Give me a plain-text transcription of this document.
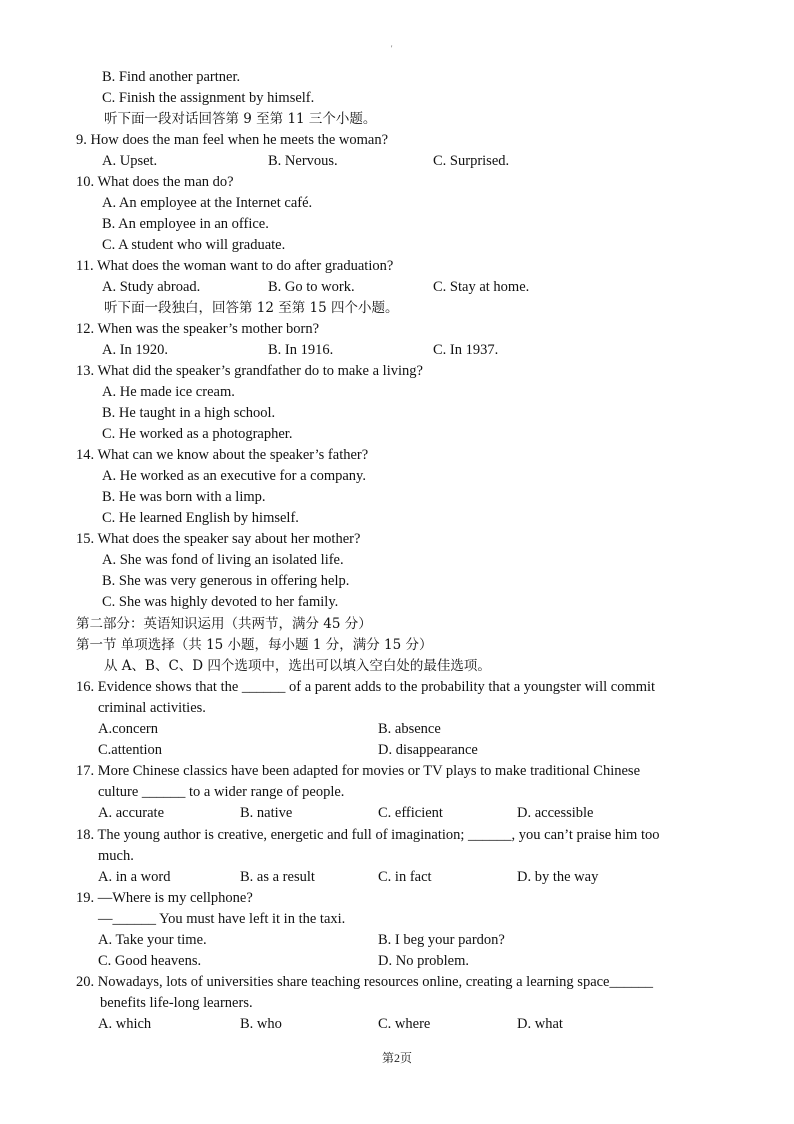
'
B. Find another partner.
C. Finish the assignment by himself.
听下面一段对话回答第 9 至第 11 三个小题。
9. How does the man feel when he meets the woman?
A. Upset.	B. Nervous.	C. Surprised.
10. What does the man do?
A. An employee at the Internet café.
B. An employee in an office.
C. A student who will graduate.
11. What does the woman want to do after graduation?
A. Study abroad.	B. Go to work.	C. Stay at home.
听下面一段独白，回答第 12 至第 15 四个小题。
12. When was the speaker’s mother born?
A. In 1920.	B. In 1916.	C. In 1937.
13. What did the speaker’s grandfather do to make a living?
A. He made ice cream.
B. He taught in a high school.
C. He worked as a photographer.
14. What can we know about the speaker’s father?
A. He worked as an executive for a company.
B. He was born with a limp.
C. He learned English by himself.
15. What does the speaker say about her mother?
A. She was fond of living an isolated life.
B. She was very generous in offering help.
C. She was highly devoted to her family.
第二部分：英语知识运用（共两节，满分 45 分）
第一节 单项选择（共 15 小题，每小题 1 分，满分 15 分）
从 A、B、C、D 四个选项中，选出可以填入空白处的最佳选项。
16. Evidence shows that the ______ of a parent adds to the probability that a youngster will commit
criminal activities.
A.concern	B. absence
C.attention	D. disappearance
17. More Chinese classics have been adapted for movies or TV plays to make traditional Chinese
culture ______ to a wider range of people.
A. accurate	B. native	C. efficient	D. accessible
18. The young author is creative, energetic and full of imagination; ______, you can’t praise him too
much.
A. in a word	B. as a result	C. in fact	D. by the way
19. —Where is my cellphone?
—______ You must have left it in the taxi.
A. Take your time.	B. I beg your pardon?
C. Good heavens.	D. No problem.
20. Nowadays, lots of universities share teaching resources online, creating a learning space______
benefits life-long learners.
A. which	B. who	C. where	D. what
第2页
